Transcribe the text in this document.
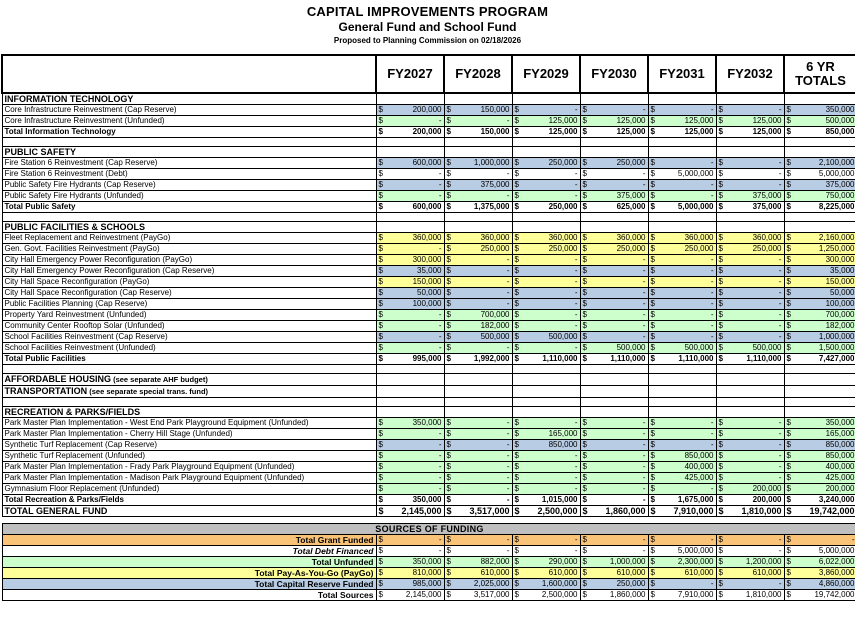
CAPITAL IMPROVEMENTS PROGRAM
General Fund and School Fund
Proposed to Planning Commission on 02/18/2026
	FY2027	FY2028	FY2029	FY2030	FY2031	FY2032	6 YR
TOTALS

INFORMATION TECHNOLOGY							
Core Infrastructure Reinvestment (Cap Reserve)	$ 200,000	$ 150,000	$ -	$ -	$ -	$ -	$ 350,000
Core Infrastructure Reinvestment (Unfunded)	$ -	$ -	$ 125,000	$ 125,000	$ 125,000	$ 125,000	$ 500,000
Total Information Technology	$ 200,000	$ 150,000	$ 125,000	$ 125,000	$ 125,000	$ 125,000	$ 850,000

PUBLIC SAFETY							
Fire Station 6 Reinvestment (Cap Reserve)	$ 600,000	$ 1,000,000	$ 250,000	$ 250,000	$ -	$ -	$ 2,100,000
Fire Station 6 Reinvestment (Debt)	$ -	$ -	$ -	$ -	$ 5,000,000	$ -	$ 5,000,000
Public Safety Fire Hydrants (Cap Reserve)	$ -	$ 375,000	$ -	$ -	$ -	$ -	$ 375,000
Public Safety Fire Hydrants (Unfunded)	$ -	$ -	$ -	$ 375,000	$ -	$ 375,000	$ 750,000
Total Public Safety	$ 600,000	$ 1,375,000	$ 250,000	$ 625,000	$ 5,000,000	$ 375,000	$ 8,225,000

PUBLIC FACILITIES & SCHOOLS							
Fleet Replacement and Reinvestment (PayGo)	$ 360,000	$ 360,000	$ 360,000	$ 360,000	$ 360,000	$ 360,000	$ 2,160,000
Gen. Govt. Facilities Reinvestment (PayGo)	$ -	$ 250,000	$ 250,000	$ 250,000	$ 250,000	$ 250,000	$ 1,250,000
City Hall Emergency Power Reconfiguration (PayGo)	$ 300,000	$ -	$ -	$ -	$ -	$ -	$ 300,000
City Hall Emergency Power Reconfiguration (Cap Reserve)	$ 35,000	$ -	$ -	$ -	$ -	$ -	$ 35,000
City Hall Space Reconfiguration (PayGo)	$ 150,000	$ -	$ -	$ -	$ -	$ -	$ 150,000
City Hall Space Reconfiguration (Cap Reserve)	$ 50,000	$ -	$ -	$ -	$ -	$ -	$ 50,000
Public Facilities Planning (Cap Reserve)	$ 100,000	$ -	$ -	$ -	$ -	$ -	$ 100,000
Property Yard Reinvestment (Unfunded)	$ -	$ 700,000	$ -	$ -	$ -	$ -	$ 700,000
Community Center Rooftop Solar (Unfunded)	$ -	$ 182,000	$ -	$ -	$ -	$ -	$ 182,000
School Facilities Reinvestment (Cap Reserve)	$ -	$ 500,000	$ 500,000	$ -	$ -	$ -	$ 1,000,000
School Facilities Reinvestment (Unfunded)	$ -	$ -	$ -	$ 500,000	$ 500,000	$ 500,000	$ 1,500,000
Total Public Facilities	$ 995,000	$ 1,992,000	$ 1,110,000	$ 1,110,000	$ 1,110,000	$ 1,110,000	$ 7,427,000

AFFORDABLE HOUSING (see separate AHF budget)							
TRANSPORTATION (see separate special trans. fund)							

RECREATION & PARKS/FIELDS							
Park Master Plan Implementation - West End Park Playground Equipment (Unfunded)	$ 350,000	$ -	$ -	$ -	$ -	$ -	$ 350,000
Park Master Plan Implementation - Cherry Hill Stage (Unfunded)	$ -	$ -	$ 165,000	$ -	$ -	$ -	$ 165,000
Synthetic Turf Replacement (Cap Reserve)	$ -	$ -	$ 850,000	$ -	$ -	$ -	$ 850,000
Synthetic Turf Replacement (Unfunded)	$ -	$ -	$ -	$ -	$ 850,000	$ -	$ 850,000
Park Master Plan Implementation - Frady Park Playground Equipment (Unfunded)	$ -	$ -	$ -	$ -	$ 400,000	$ -	$ 400,000
Park Master Plan Implementation - Madison Park Playground Equipment (Unfunded)	$ -	$ -	$ -	$ -	$ 425,000	$ -	$ 425,000
Gymnasium Floor Replacement (Unfunded)	$ -	$ -	$ -	$ -	$ -	$ 200,000	$ 200,000
Total Recreation & Parks/Fields	$ 350,000	$ -	$ 1,015,000	$ -	$ 1,675,000	$ 200,000	$ 3,240,000
TOTAL GENERAL FUND	$ 2,145,000	$ 3,517,000	$ 2,500,000	$ 1,860,000	$ 7,910,000	$ 1,810,000	$ 19,742,000

SOURCES OF FUNDING							
Total Grant Funded	$ -	$ -	$ -	$ -	$ -	$ -	$ -
Total Debt Financed	$ -	$ -	$ -	$ -	$ 5,000,000	$ -	$ 5,000,000
Total Unfunded	$ 350,000	$ 882,000	$ 290,000	$ 1,000,000	$ 2,300,000	$ 1,200,000	$ 6,022,000
Total Pay-As-You-Go (PayGo)	$ 810,000	$ 610,000	$ 610,000	$ 610,000	$ 610,000	$ 610,000	$ 3,860,000
Total Capital Reserve Funded	$ 985,000	$ 2,025,000	$ 1,600,000	$ 250,000	$ -	$ -	$ 4,860,000
Total Sources	$ 2,145,000	$ 3,517,000	$ 2,500,000	$ 1,860,000	$ 7,910,000	$ 1,810,000	$ 19,742,000
